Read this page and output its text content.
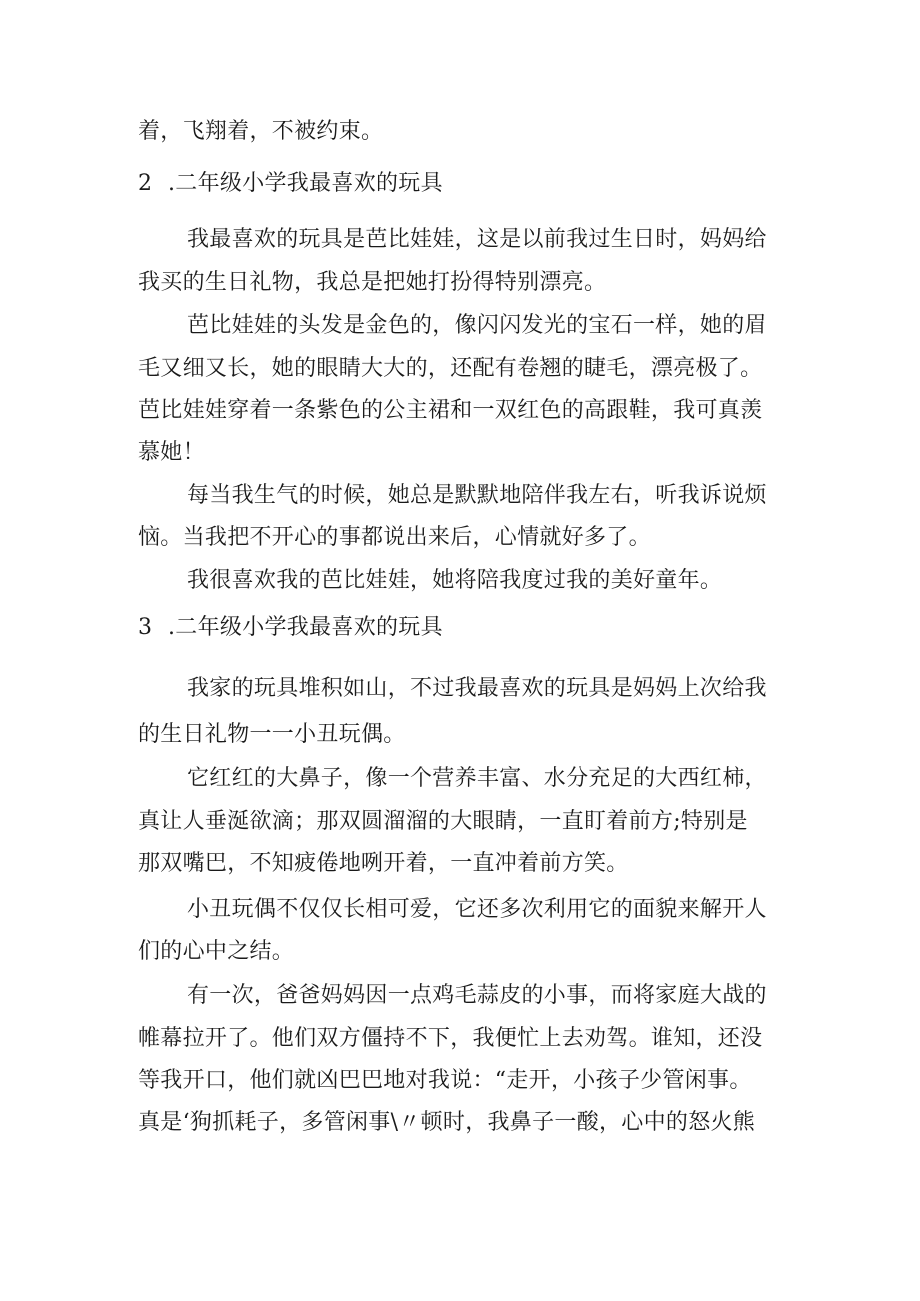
着，飞翔着，不被约束。
2 .二年级小学我最喜欢的玩具
我最喜欢的玩具是芭比娃娃，这是以前我过生日时，妈妈给
我买的生日礼物，我总是把她打扮得特别漂亮。
芭比娃娃的头发是金色的，像闪闪发光的宝石一样，她的眉
毛又细又长，她的眼睛大大的，还配有卷翘的睫毛，漂亮极了。
芭比娃娃穿着一条紫色的公主裙和一双红色的高跟鞋，我可真羡
慕她！
每当我生气的时候，她总是默默地陪伴我左右，听我诉说烦
恼。当我把不开心的事都说出来后，心情就好多了。
我很喜欢我的芭比娃娃，她将陪我度过我的美好童年。
3 .二年级小学我最喜欢的玩具
我家的玩具堆积如山，不过我最喜欢的玩具是妈妈上次给我
的生日礼物一一小丑玩偶。
它红红的大鼻子，像一个营养丰富、水分充足的大西红柿，
真让人垂涎欲滴；那双圆溜溜的大眼睛，一直盯着前方;特别是
那双嘴巴，不知疲倦地咧开着，一直冲着前方笑。
小丑玩偶不仅仅长相可爱，它还多次利用它的面貌来解开人
们的心中之结。
有一次，爸爸妈妈因一点鸡毛蒜皮的小事，而将家庭大战的
帷幕拉开了。他们双方僵持不下，我便忙上去劝驾。谁知，还没
等我开口，他们就凶巴巴地对我说：“走开，小孩子少管闲事。
真是‘狗抓耗子，多管闲事\〃顿时，我鼻子一酸，心中的怒火熊
